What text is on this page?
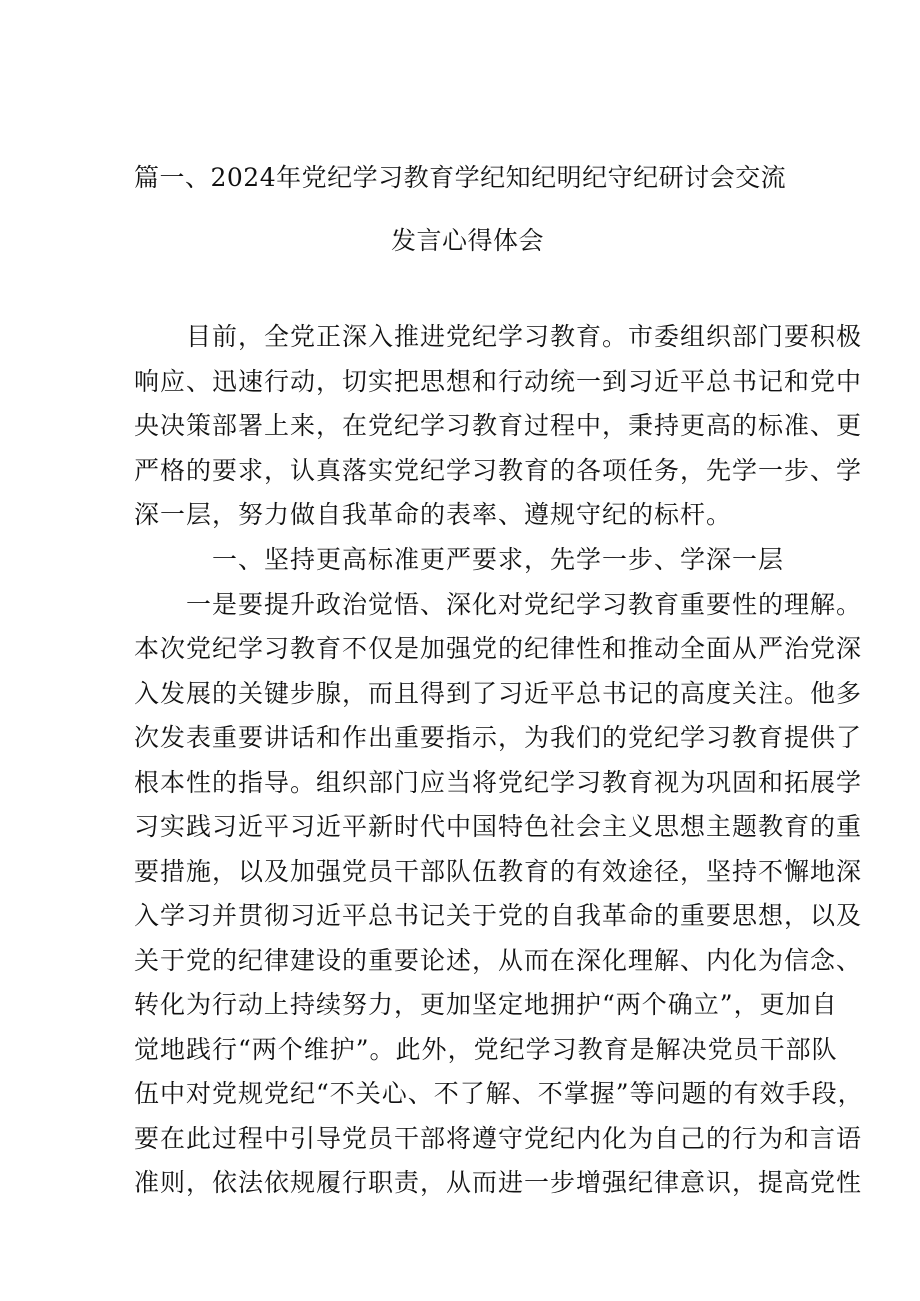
篇一、2024年党纪学习教育学纪知纪明纪守纪研讨会交流
发言心得体会
　　目前，全党正深入推进党纪学习教育。市委组织部门要积极
响应、迅速行动，切实把思想和行动统一到习近平总书记和党中
央决策部署上来，在党纪学习教育过程中，秉持更高的标准、更
严格的要求，认真落实党纪学习教育的各项任务，先学一步、学
深一层，努力做自我革命的表率、遵规守纪的标杆。
　　　一、坚持更高标准更严要求，先学一步、学深一层
　　一是要提升政治觉悟、深化对党纪学习教育重要性的理解。
本次党纪学习教育不仅是加强党的纪律性和推动全面从严治党深
入发展的关键步腺，而且得到了习近平总书记的高度关注。他多
次发表重要讲话和作出重要指示，为我们的党纪学习教育提供了
根本性的指导。组织部门应当将党纪学习教育视为巩固和拓展学
习实践习近平习近平新时代中国特色社会主义思想主题教育的重
要措施，以及加强党员干部队伍教育的有效途径，坚持不懈地深
入学习并贯彻习近平总书记关于党的自我革命的重要思想，以及
关于党的纪律建设的重要论述，从而在深化理解、内化为信念、
转化为行动上持续努力，更加坚定地拥护“两个确立”，更加自
觉地践行“两个维护”。此外，党纪学习教育是解决党员干部队
伍中对党规党纪“不关心、不了解、不掌握”等问题的有效手段，
要在此过程中引导党员干部将遵守党纪内化为自己的行为和言语
准则，依法依规履行职责，从而进一步增强纪律意识，提高党性
